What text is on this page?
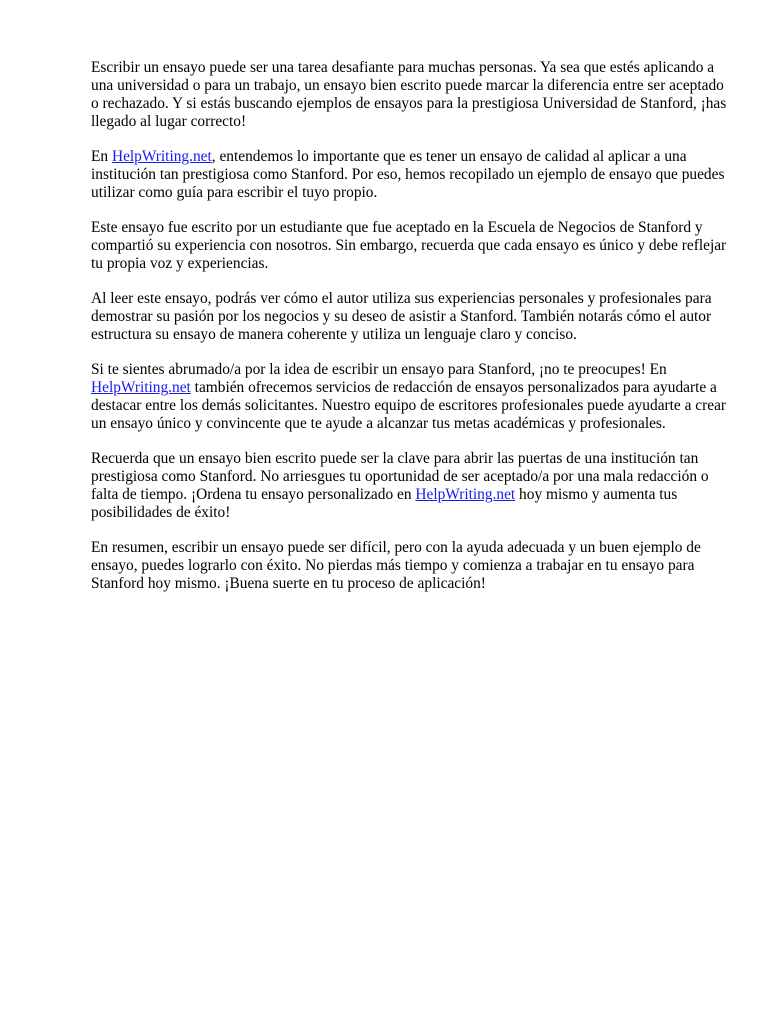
Escribir un ensayo puede ser una tarea desafiante para muchas personas. Ya sea que estés aplicando a una universidad o para un trabajo, un ensayo bien escrito puede marcar la diferencia entre ser aceptado o rechazado. Y si estás buscando ejemplos de ensayos para la prestigiosa Universidad de Stanford, ¡has llegado al lugar correcto!

En HelpWriting.net, entendemos lo importante que es tener un ensayo de calidad al aplicar a una institución tan prestigiosa como Stanford. Por eso, hemos recopilado un ejemplo de ensayo que puedes utilizar como guía para escribir el tuyo propio.

Este ensayo fue escrito por un estudiante que fue aceptado en la Escuela de Negocios de Stanford y compartió su experiencia con nosotros. Sin embargo, recuerda que cada ensayo es único y debe reflejar tu propia voz y experiencias.

Al leer este ensayo, podrás ver cómo el autor utiliza sus experiencias personales y profesionales para demostrar su pasión por los negocios y su deseo de asistir a Stanford. También notarás cómo el autor estructura su ensayo de manera coherente y utiliza un lenguaje claro y conciso.

Si te sientes abrumado/a por la idea de escribir un ensayo para Stanford, ¡no te preocupes! En HelpWriting.net también ofrecemos servicios de redacción de ensayos personalizados para ayudarte a destacar entre los demás solicitantes. Nuestro equipo de escritores profesionales puede ayudarte a crear un ensayo único y convincente que te ayude a alcanzar tus metas académicas y profesionales.

Recuerda que un ensayo bien escrito puede ser la clave para abrir las puertas de una institución tan prestigiosa como Stanford. No arriesgues tu oportunidad de ser aceptado/a por una mala redacción o falta de tiempo. ¡Ordena tu ensayo personalizado en HelpWriting.net hoy mismo y aumenta tus posibilidades de éxito!

En resumen, escribir un ensayo puede ser difícil, pero con la ayuda adecuada y un buen ejemplo de ensayo, puedes lograrlo con éxito. No pierdas más tiempo y comienza a trabajar en tu ensayo para Stanford hoy mismo. ¡Buena suerte en tu proceso de aplicación!
